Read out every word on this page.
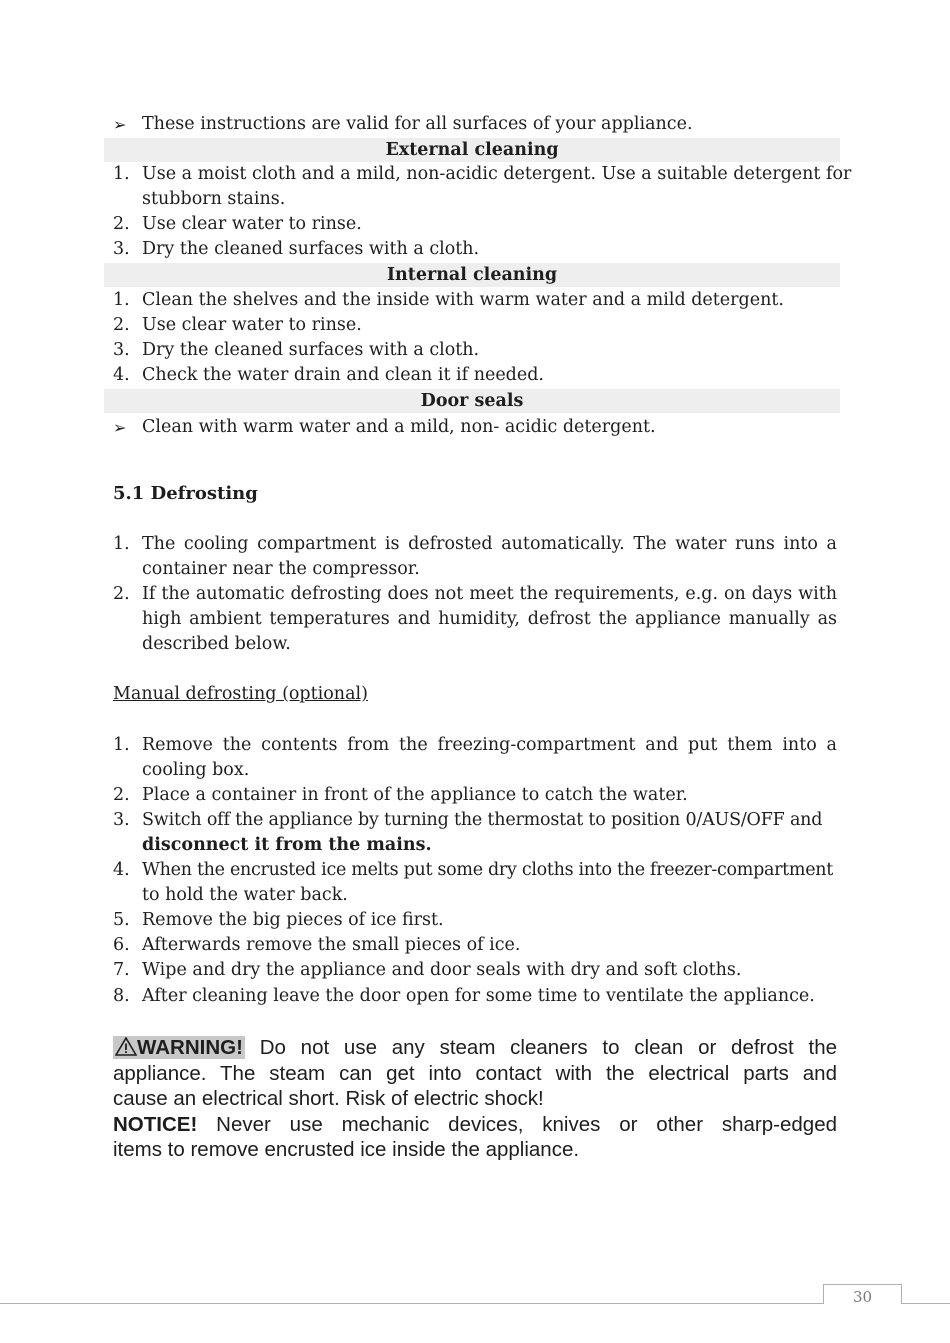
➢ These instructions are valid for all surfaces of your appliance.
External cleaning
1. Use a moist cloth and a mild, non-acidic detergent. Use a suitable detergent for
stubborn stains.
2. Use clear water to rinse.
3. Dry the cleaned surfaces with a cloth.
Internal cleaning
1. Clean the shelves and the inside with warm water and a mild detergent.
2. Use clear water to rinse.
3. Dry the cleaned surfaces with a cloth.
4. Check the water drain and clean it if needed.
Door seals
➢ Clean with warm water and a mild, non- acidic detergent.
5.1 Defrosting
1. The cooling compartment is defrosted automatically. The water runs into a
container near the compressor.
2. If the automatic defrosting does not meet the requirements, e.g. on days with
high ambient temperatures and humidity, defrost the appliance manually as
described below.
Manual defrosting (optional)
1. Remove the contents from the freezing-compartment and put them into a
cooling box.
2. Place a container in front of the appliance to catch the water.
3. Switch off the appliance by turning the thermostat to position 0/AUS/OFF and
disconnect it from the mains.
4. When the encrusted ice melts put some dry cloths into the freezer-compartment
to hold the water back.
5. Remove the big pieces of ice first.
6. Afterwards remove the small pieces of ice.
7. Wipe and dry the appliance and door seals with dry and soft cloths.
8. After cleaning leave the door open for some time to ventilate the appliance.
WARNING! Do not use any steam cleaners to clean or defrost the
appliance. The steam can get into contact with the electrical parts and
cause an electrical short. Risk of electric shock!
NOTICE! Never use mechanic devices, knives or other sharp-edged
items to remove encrusted ice inside the appliance.
30
